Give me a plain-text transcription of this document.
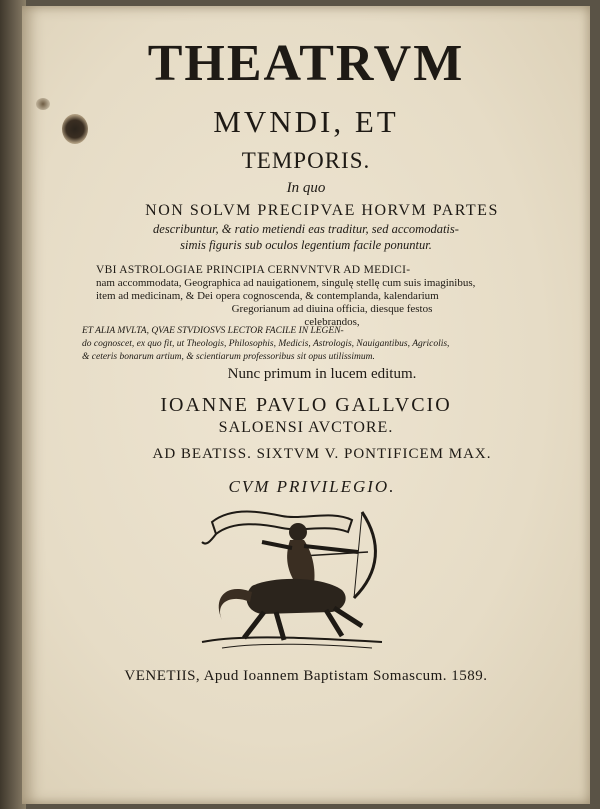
THEATRVM
MVNDI, ET
TEMPORIS.
In quo
NON SOLVM PRECIPVAE HORVM PARTES
describuntur, & ratio metiendi eas traditur, sed accomodatis-
simis figuris sub oculos legentium facile ponuntur.
VBI ASTROLOGIAE PRINCIPIA CERNVNTVR AD MEDICI-
nam accommodata, Geographica ad nauigationem, singulę stellę cum suis imaginibus,
item ad medicinam, & Dei opera cognoscenda, & contemplanda, kalendarium
Gregorianum ad diuina officia, diesque festos celebrandos,
ET ALIA MVLTA, QVAE STVDIOSVS LECTOR FACILE IN LEGEN-
do cognoscet, ex quo fit, ut Theologis, Philosophis, Medicis, Astrologis, Nauigantibus, Agricolis,
& ceteris bonarum artium, & scientiarum professoribus sit opus utilissimum.
Nunc primum in lucem editum.
IOANNE PAVLO GALLVCIO
SALOENSI AVCTORE.
AD BEATISS. SIXTVM V. PONTIFICEM MAX.
CVM PRIVILEGIO.
VENETIIS, Apud Ioannem Baptistam Somascum. 1589.
